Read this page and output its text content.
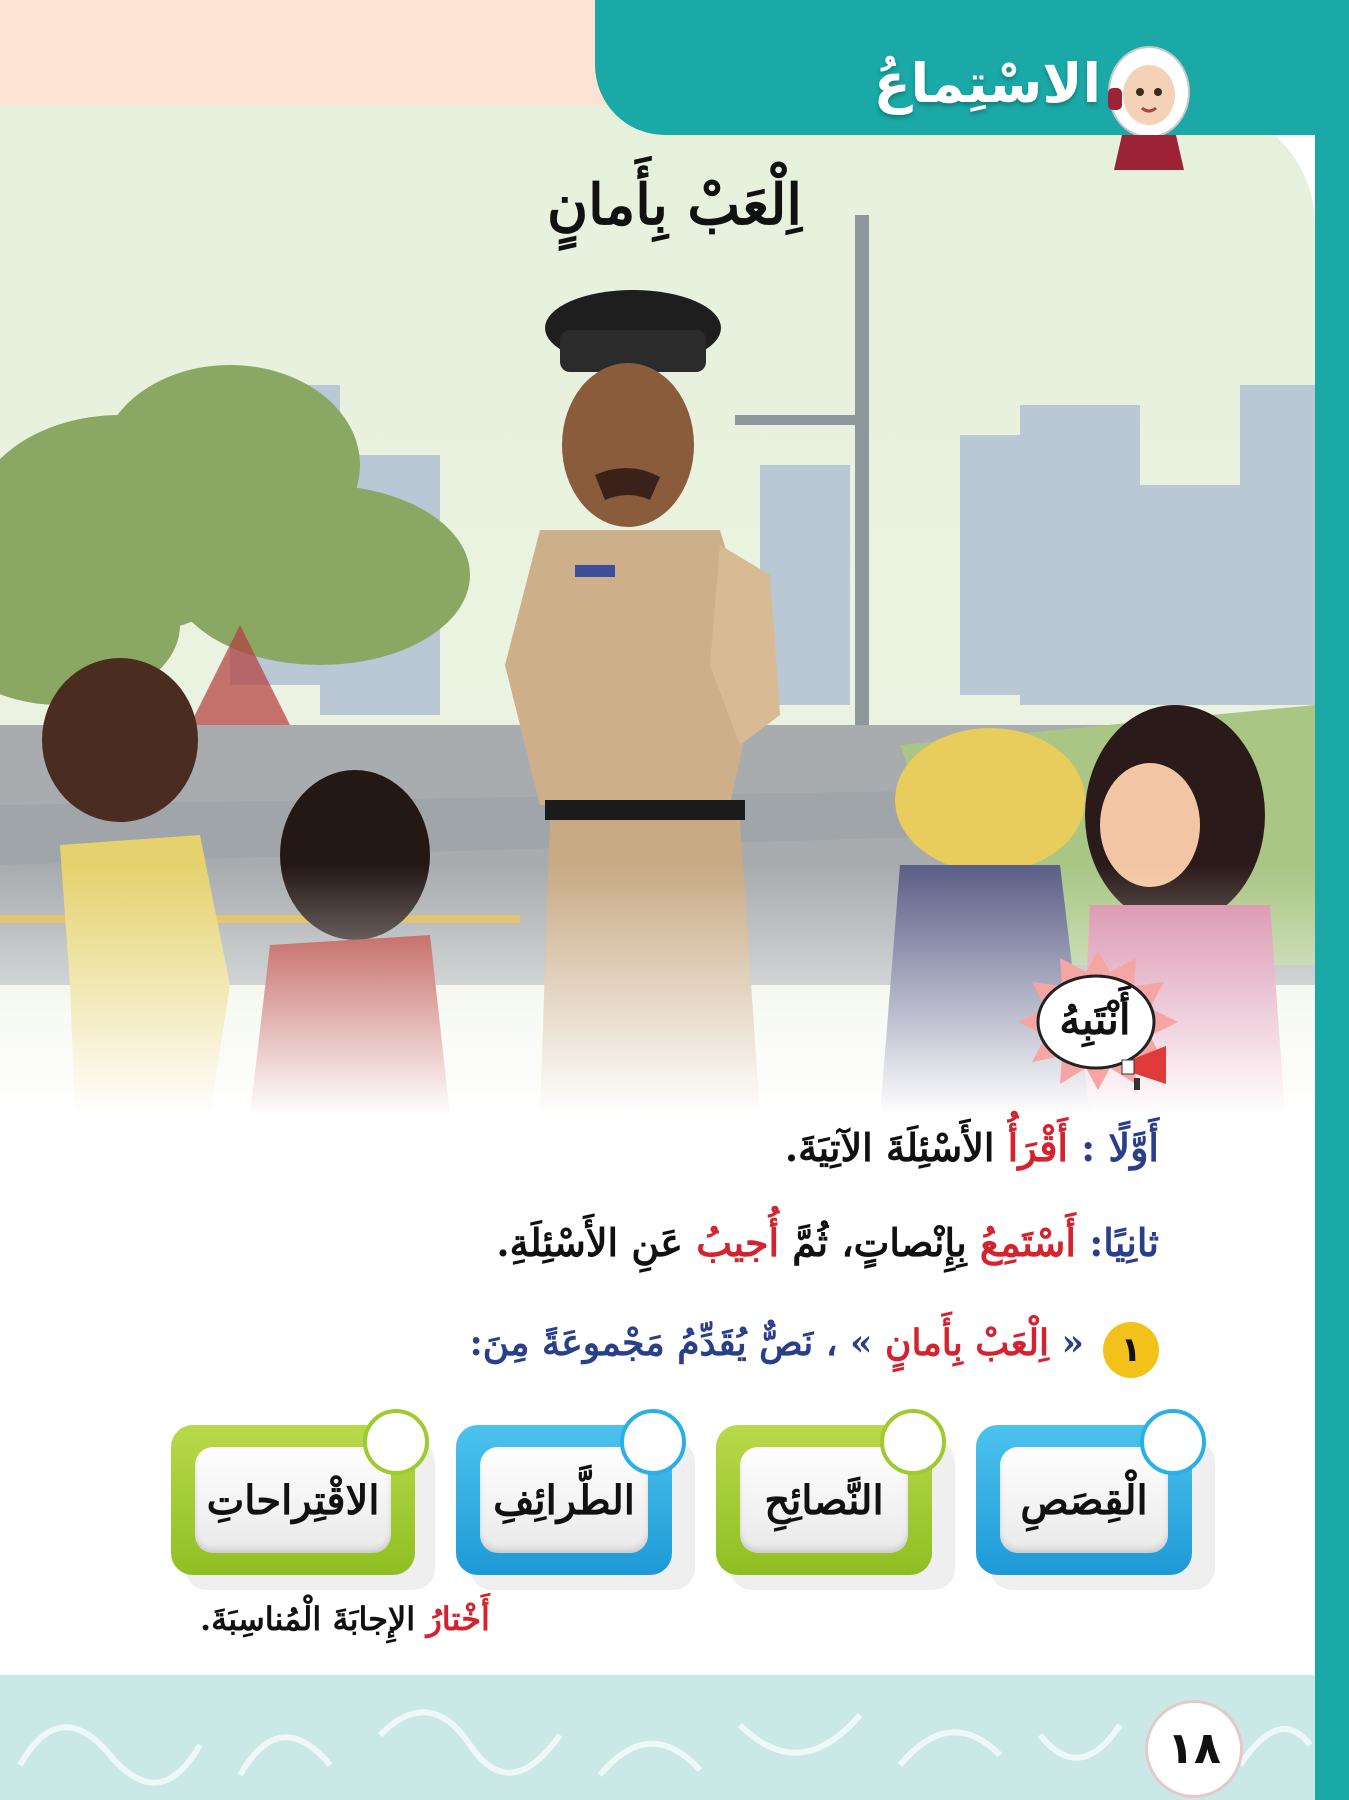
الاسْتِماعُ
اِلْعَبْ بِأَمانٍ
أَنْتَبِهُ
أَوَّلًا : أَقْرَأُ الأَسْئِلَةَ الآتِيَةَ.
ثانِيًا: أَسْتَمِعُ بِإِنْصاتٍ، ثُمَّ أُجيبُ عَنِ الأَسْئِلَةِ.
١
« اِلْعَبْ بِأَمانٍ » ، نَصٌّ يُقَدِّمُ مَجْموعَةً مِنَ:
الْقِصَصِ
النَّصائِحِ
الطَّرائِفِ
الاقْتِراحاتِ
أَخْتارُ الإِجابَةَ الْمُناسِبَةَ.
١٨
